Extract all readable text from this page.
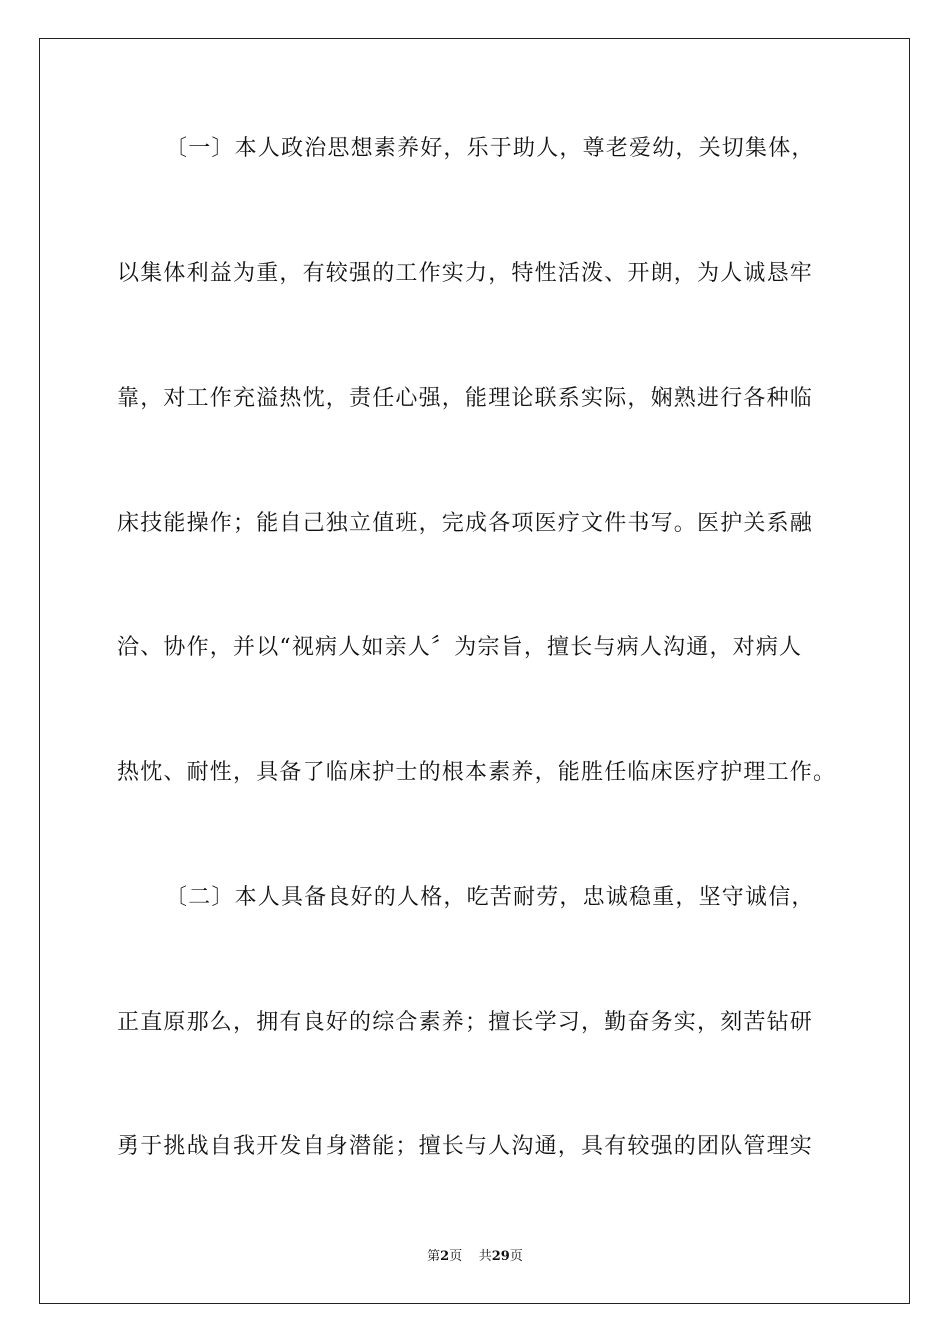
〔一〕本人政治思想素养好，乐于助人，尊老爱幼，关切集体，
以集体利益为重，有较强的工作实力，特性活泼、开朗，为人诚恳牢
靠，对工作充溢热忱，责任心强，能理论联系实际，娴熟进行各种临
床技能操作；能自己独立值班，完成各项医疗文件书写。医护关系融
洽、协作，并以“视病人如亲人〞为宗旨，擅长与病人沟通，对病人
热忱、耐性，具备了临床护士的根本素养，能胜任临床医疗护理工作。
〔二〕本人具备良好的人格，吃苦耐劳，忠诚稳重，坚守诚信，
正直原那么，拥有良好的综合素养；擅长学习，勤奋务实，刻苦钻研
勇于挑战自我开发自身潜能；擅长与人沟通，具有较强的团队管理实
第2页 共29页
